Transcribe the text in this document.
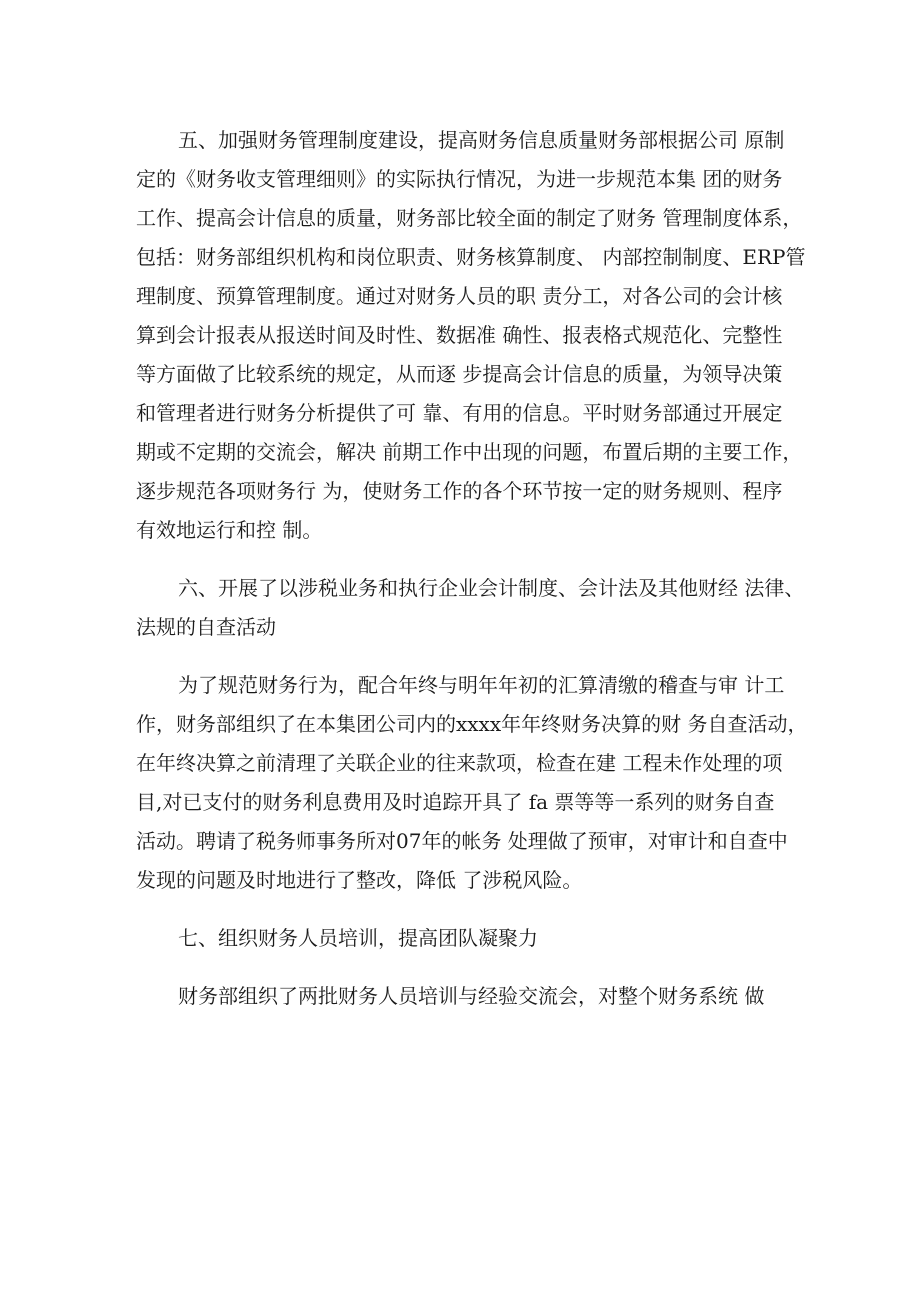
五、加强财务管理制度建设，提高财务信息质量财务部根据公司 原制
定的《财务收支管理细则》的实际执行情况，为进一步规范本集 团的财务
工作、提高会计信息的质量，财务部比较全面的制定了财务 管理制度体系，
包括：财务部组织机构和岗位职责、财务核算制度、 内部控制制度、ERP管
理制度、预算管理制度。通过对财务人员的职 责分工，对各公司的会计核
算到会计报表从报送时间及时性、数据准 确性、报表格式规范化、完整性
等方面做了比较系统的规定，从而逐 步提高会计信息的质量，为领导决策
和管理者进行财务分析提供了可 靠、有用的信息。平时财务部通过开展定
期或不定期的交流会，解决 前期工作中出现的问题，布置后期的主要工作，
逐步规范各项财务行 为，使财务工作的各个环节按一定的财务规则、程序
有效地运行和控 制。
六、开展了以涉税业务和执行企业会计制度、会计法及其他财经 法律、
法规的自查活动
为了规范财务行为，配合年终与明年年初的汇算清缴的稽查与审 计工
作，财务部组织了在本集团公司内的xxxx年年终财务决算的财 务自查活动，
在年终决算之前清理了关联企业的往来款项，检查在建 工程未作处理的项
目,对已支付的财务利息费用及时追踪开具了 fa 票等等一系列的财务自查
活动。聘请了税务师事务所对07年的帐务 处理做了预审，对审计和自查中
发现的问题及时地进行了整改，降低 了涉税风险。
七、组织财务人员培训，提高团队凝聚力
财务部组织了两批财务人员培训与经验交流会，对整个财务系统 做
